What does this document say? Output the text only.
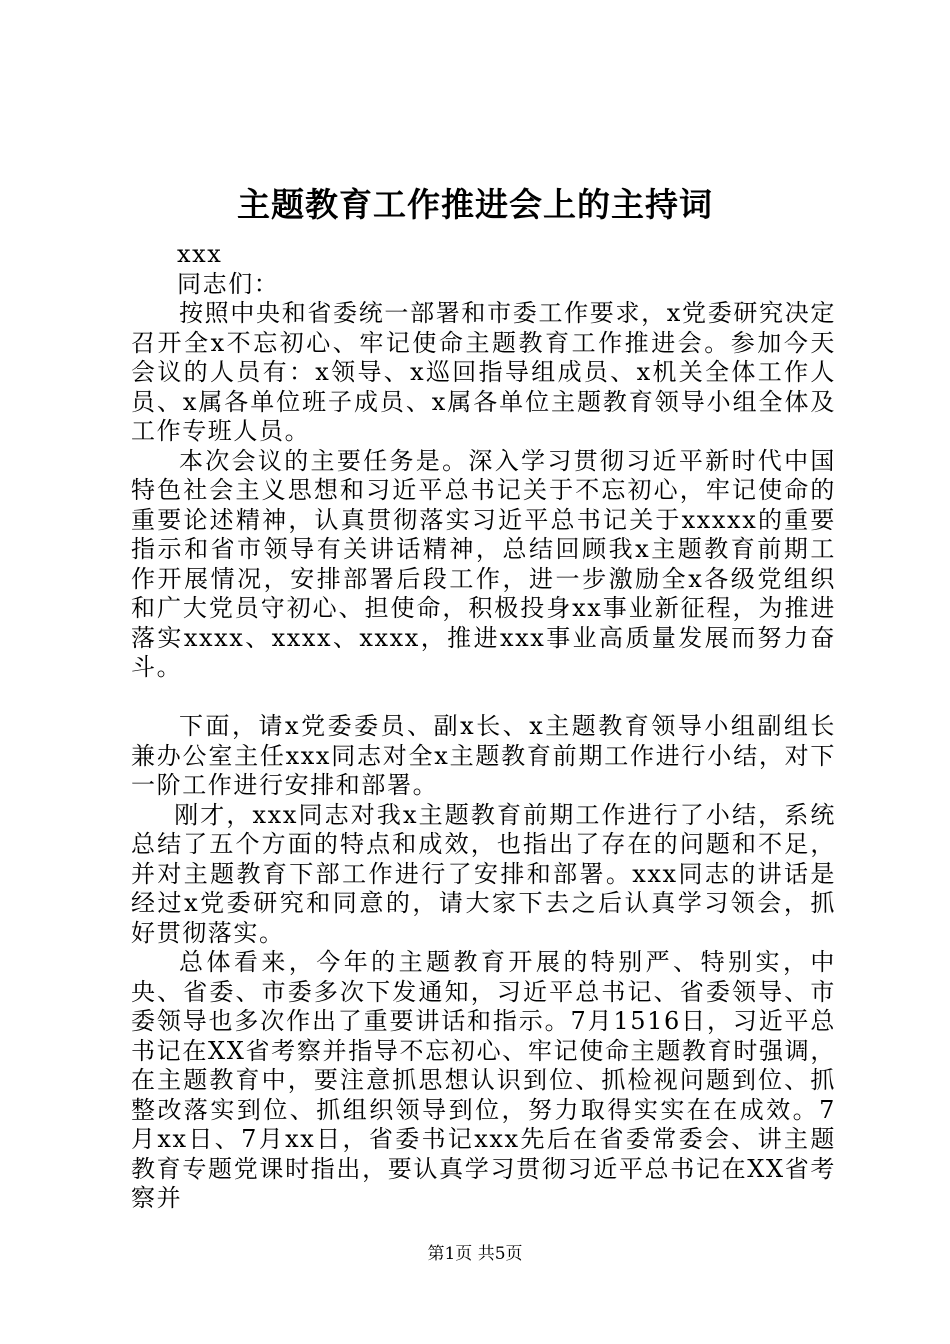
主题教育工作推进会上的主持词

xxx

同志们：

按照中央和省委统一部署和市委工作要求，x党委研究决定召开全x不忘初心、牢记使命主题教育工作推进会。参加今天会议的人员有：x领导、x巡回指导组成员、x机关全体工作人员、x属各单位班子成员、x属各单位主题教育领导小组全体及工作专班人员。

本次会议的主要任务是。深入学习贯彻习近平新时代中国特色社会主义思想和习近平总书记关于不忘初心，牢记使命的重要论述精神，认真贯彻落实习近平总书记关于xxxxx的重要指示和省市领导有关讲话精神，总结回顾我x主题教育前期工作开展情况，安排部署后段工作，进一步激励全x各级党组织和广大党员守初心、担使命，积极投身xx事业新征程，为推进落实xxxx、xxxx、xxxx，推进xxx事业高质量发展而努力奋斗。

下面，请x党委委员、副x长、x主题教育领导小组副组长兼办公室主任xxx同志对全x主题教育前期工作进行小结，对下一阶工作进行安排和部署。

刚才，xxx同志对我x主题教育前期工作进行了小结，系统总结了五个方面的特点和成效，也指出了存在的问题和不足，并对主题教育下部工作进行了安排和部署。xxx同志的讲话是经过x党委研究和同意的，请大家下去之后认真学习领会，抓好贯彻落实。

总体看来，今年的主题教育开展的特别严、特别实，中央、省委、市委多次下发通知，习近平总书记、省委领导、市委领导也多次作出了重要讲话和指示。7月1516日，习近平总书记在XX省考察并指导不忘初心、牢记使命主题教育时强调，在主题教育中，要注意抓思想认识到位、抓检视问题到位、抓整改落实到位、抓组织领导到位，努力取得实实在在成效。7月xx日、7月xx日，省委书记xxx先后在省委常委会、讲主题教育专题党课时指出，要认真学习贯彻习近平总书记在XX省考察并

第1页 共5页
